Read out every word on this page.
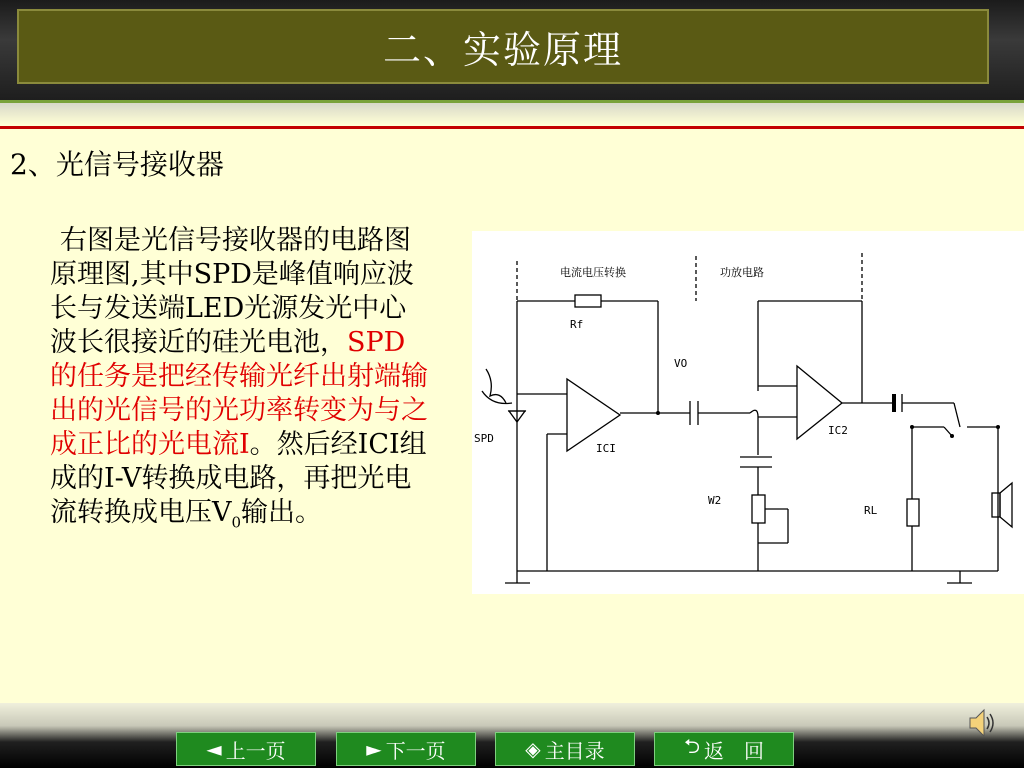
二、实验原理
2、光信号接收器
右图是光信号接收器的电路图原理图,其中SPD是峰值响应波长与发送端LED光源发光中心波长很接近的硅光电池，SPD的任务是把经传输光纤出射端输出的光信号的光功率转变为与之成正比的光电流I。然后经ICI组成的I-V转换成电路，再把光电流转换成电压$V_0$输出。
电流电压转换	功放电路
Rf
VO
SPD
ICI
IC2
W2
RL
◄ 上一页	► 下一页	◈ 主目录	⮌ 返　回
